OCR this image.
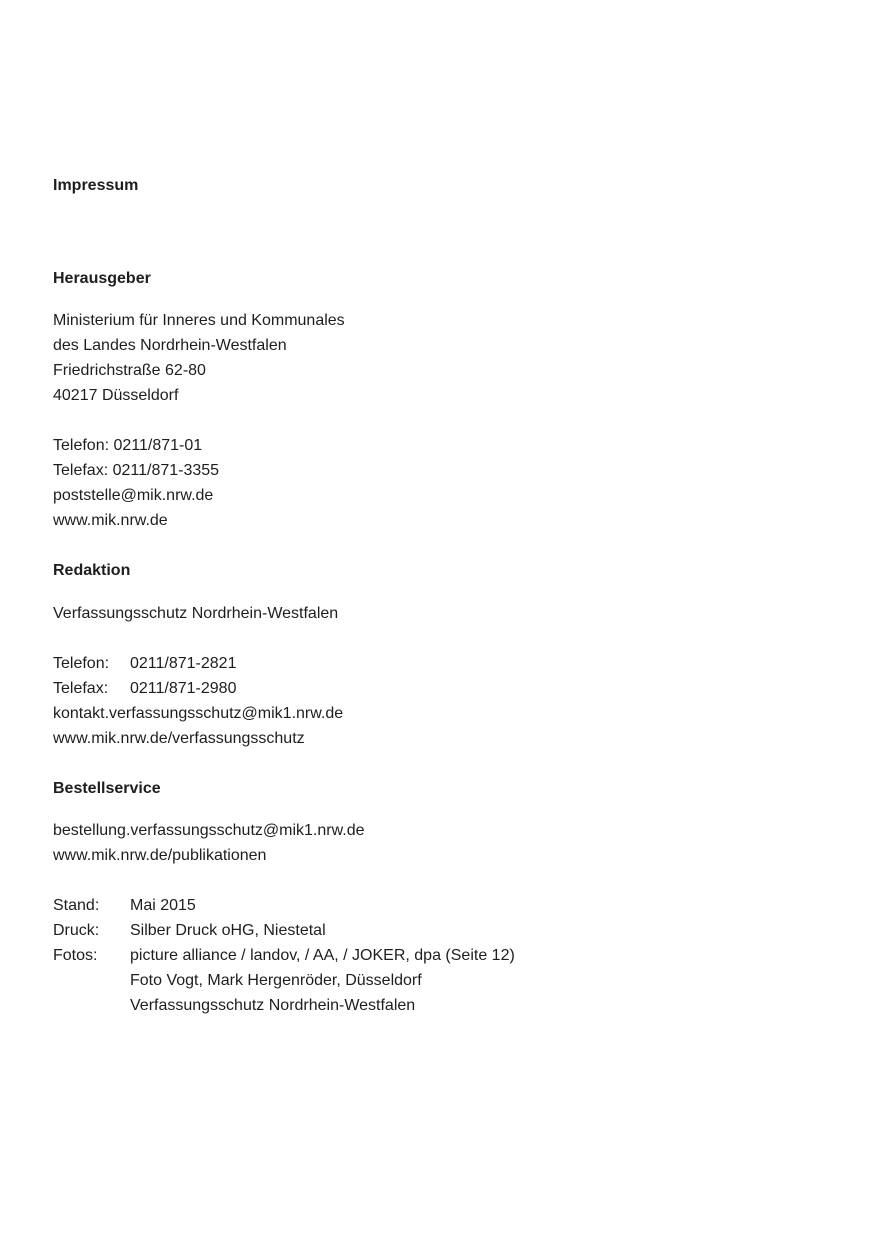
Impressum
Herausgeber
Ministerium für Inneres und Kommunales
des Landes Nordrhein-Westfalen
Friedrichstraße 62-80
40217 Düsseldorf
Telefon: 0211/871-01
Telefax: 0211/871-3355
poststelle@mik.nrw.de
www.mik.nrw.de
Redaktion
Verfassungsschutz Nordrhein-Westfalen
Telefon:	0211/871-2821
Telefax:	0211/871-2980
kontakt.verfassungsschutz@mik1.nrw.de
www.mik.nrw.de/verfassungsschutz
Bestellservice
bestellung.verfassungsschutz@mik1.nrw.de
www.mik.nrw.de/publikationen
Stand:	Mai 2015
Druck:	Silber Druck oHG, Niestetal
Fotos:	picture alliance / landov, / AA, / JOKER, dpa (Seite 12)
Foto Vogt, Mark Hergenröder, Düsseldorf
Verfassungsschutz Nordrhein-Westfalen
